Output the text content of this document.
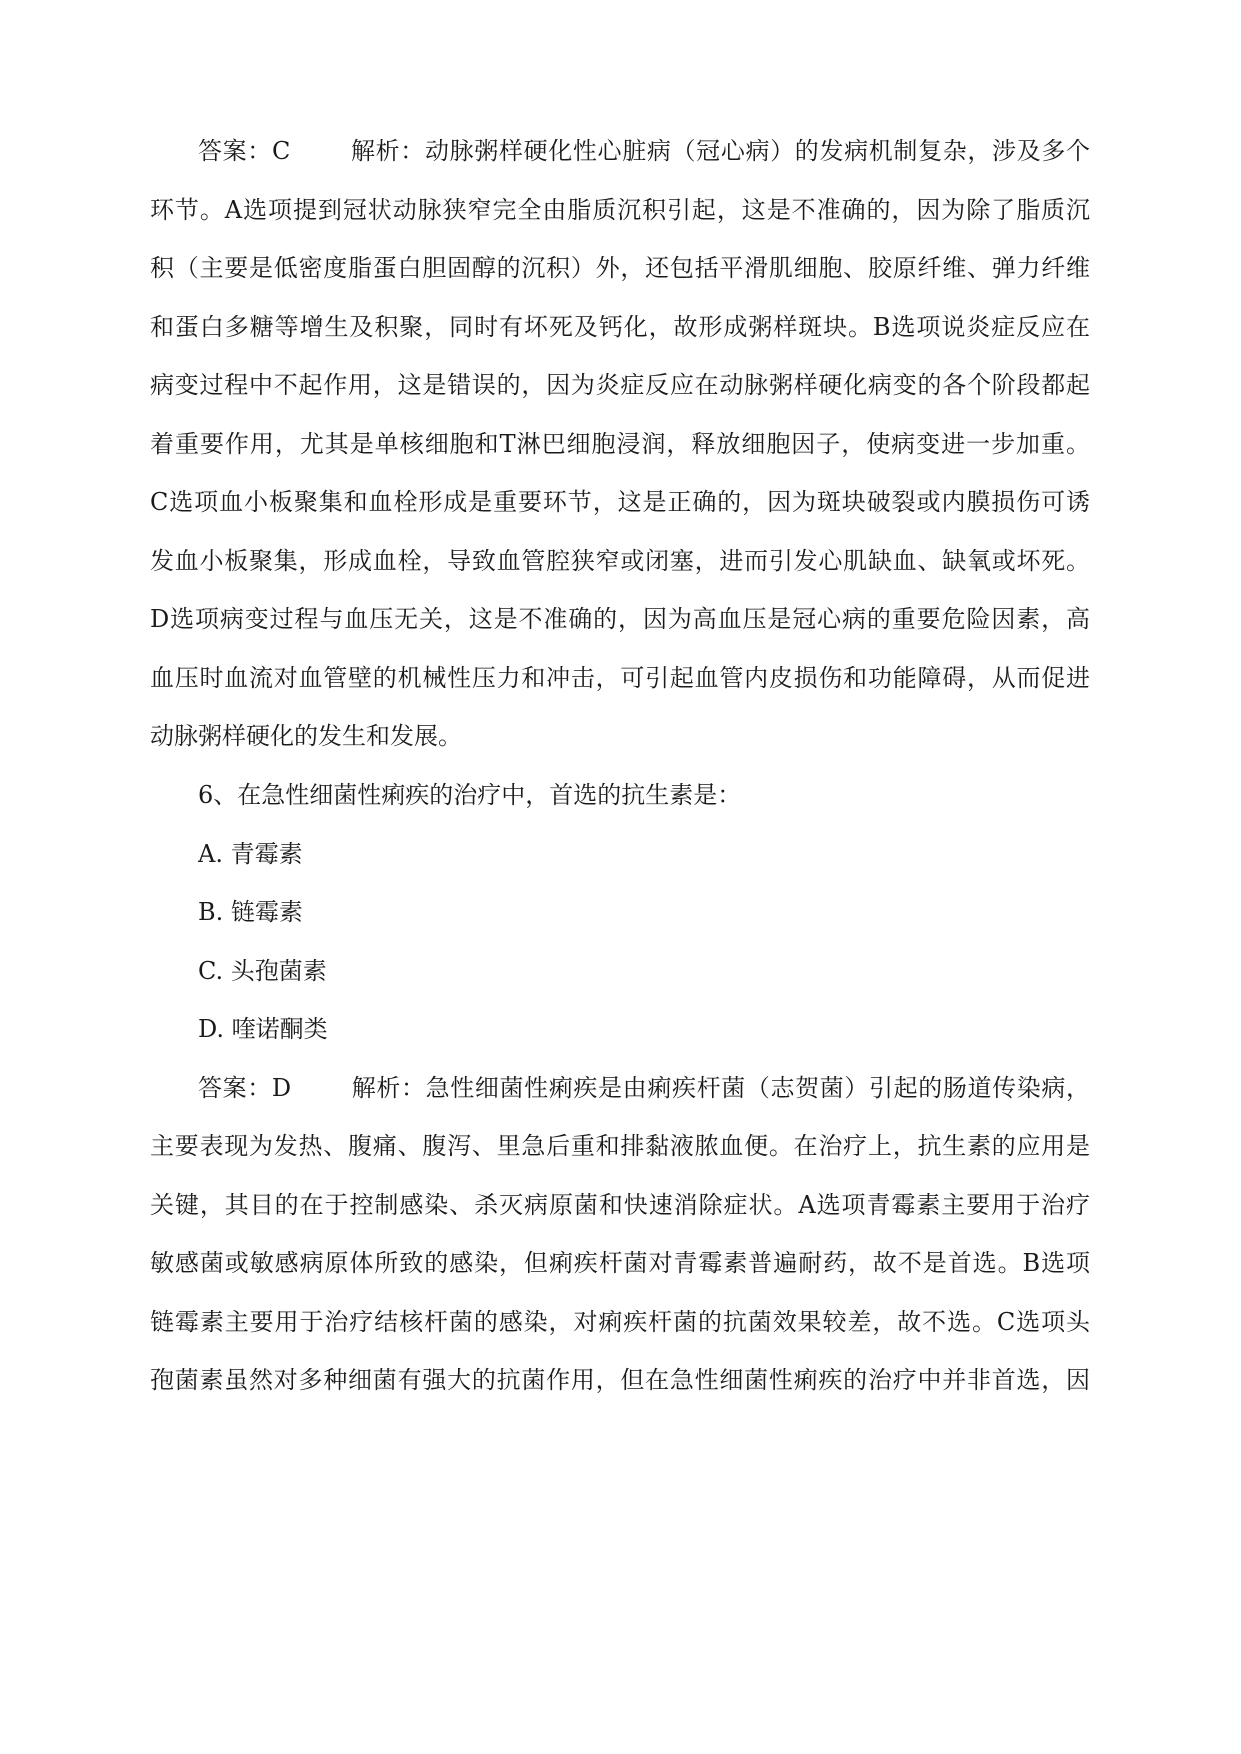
答案：C	解析：动脉粥样硬化性心脏病（冠心病）的发病机制复杂，涉及多个
环节。A选项提到冠状动脉狭窄完全由脂质沉积引起，这是不准确的，因为除了脂质沉
积（主要是低密度脂蛋白胆固醇的沉积）外，还包括平滑肌细胞、胶原纤维、弹力纤维
和蛋白多糖等增生及积聚，同时有坏死及钙化，故形成粥样斑块。B选项说炎症反应在
病变过程中不起作用，这是错误的，因为炎症反应在动脉粥样硬化病变的各个阶段都起
着重要作用，尤其是单核细胞和T淋巴细胞浸润，释放细胞因子，使病变进一步加重。
C选项血小板聚集和血栓形成是重要环节，这是正确的，因为斑块破裂或内膜损伤可诱
发血小板聚集，形成血栓，导致血管腔狭窄或闭塞，进而引发心肌缺血、缺氧或坏死。
D选项病变过程与血压无关，这是不准确的，因为高血压是冠心病的重要危险因素，高
血压时血流对血管壁的机械性压力和冲击，可引起血管内皮损伤和功能障碍，从而促进
动脉粥样硬化的发生和发展。
6、在急性细菌性痢疾的治疗中，首选的抗生素是：
A. 青霉素
B. 链霉素
C. 头孢菌素
D. 喹诺酮类
答案：D	解析：急性细菌性痢疾是由痢疾杆菌（志贺菌）引起的肠道传染病，
主要表现为发热、腹痛、腹泻、里急后重和排黏液脓血便。在治疗上，抗生素的应用是
关键，其目的在于控制感染、杀灭病原菌和快速消除症状。A选项青霉素主要用于治疗
敏感菌或敏感病原体所致的感染，但痢疾杆菌对青霉素普遍耐药，故不是首选。B选项
链霉素主要用于治疗结核杆菌的感染，对痢疾杆菌的抗菌效果较差，故不选。C选项头
孢菌素虽然对多种细菌有强大的抗菌作用，但在急性细菌性痢疾的治疗中并非首选，因
